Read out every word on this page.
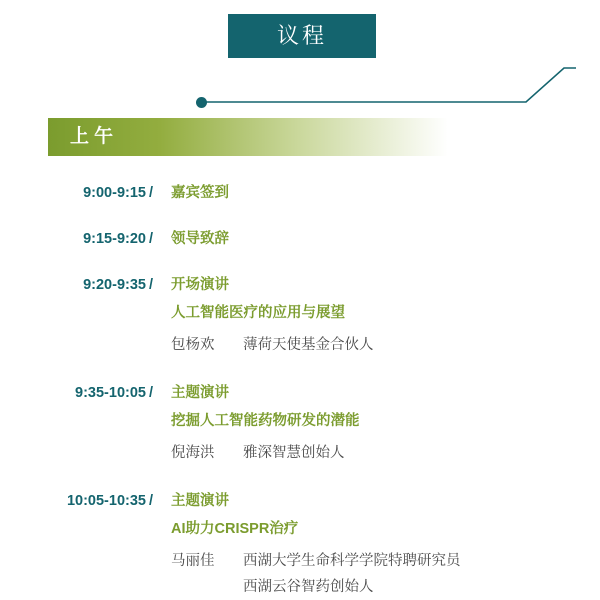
议程
上午
9:00-9:15 /	嘉宾签到
9:15-9:20 /	领导致辞
9:20-9:35 /	开场演讲
人工智能医疗的应用与展望
包杨欢	薄荷天使基金合伙人
9:35-10:05 /	主题演讲
挖掘人工智能药物研发的潜能
倪海洪	雅深智慧创始人
10:05-10:35 /	主题演讲
AI助力CRISPR治疗
马丽佳	西湖大学生命科学学院特聘研究员
西湖云谷智药创始人
